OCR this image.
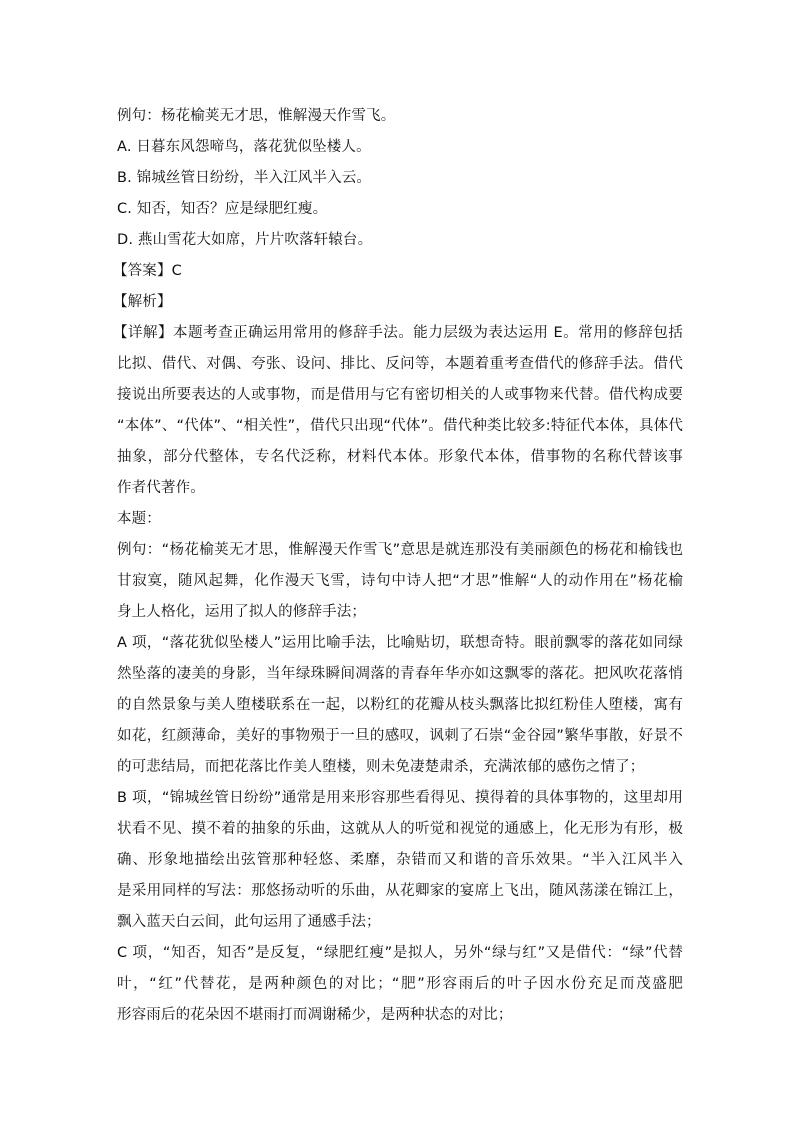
例句：杨花榆荚无才思，惟解漫天作雪飞。
A. 日暮东风怨啼鸟，落花犹似坠楼人。
B. 锦城丝管日纷纷，半入江风半入云。
C. 知否，知否？应是绿肥红瘦。
D. 燕山雪花大如席，片片吹落轩辕台。
【答案】C
【解析】
【详解】本题考查正确运用常用的修辞手法。能力层级为表达运用 E。常用的修辞包括
比拟、借代、对偶、夸张、设问、排比、反问等，本题着重考查借代的修辞手法。借代
接说出所要表达的人或事物，而是借用与它有密切相关的人或事物来代替。借代构成要
“本体”、“代体”、“相关性”，借代只出现“代体”。借代种类比较多:特征代本体，具体代
抽象，部分代整体，专名代泛称，材料代本体。形象代本体，借事物的名称代替该事
作者代著作。
本题：
例句：“杨花榆荚无才思，惟解漫天作雪飞”意思是就连那没有美丽颜色的杨花和榆钱也
甘寂寞，随风起舞，化作漫天飞雪，诗句中诗人把“才思”惟解“人的动作用在”杨花榆
身上人格化，运用了拟人的修辞手法；
A 项，“落花犹似坠楼人”运用比喻手法，比喻贴切，联想奇特。眼前飘零的落花如同绿
然坠落的凄美的身影，当年绿珠瞬间凋落的青春年华亦如这飘零的落花。把风吹花落悄
的自然景象与美人堕楼联系在一起，以粉红的花瓣从枝头飘落比拟红粉佳人堕楼，寓有
如花，红颜薄命，美好的事物殒于一旦的感叹，讽刺了石崇“金谷园”繁华事散，好景不
的可悲结局，而把花落比作美人堕楼，则未免凄楚肃杀，充满浓郁的感伤之情了；
B 项，“锦城丝管日纷纷”通常是用来形容那些看得见、摸得着的具体事物的，这里却用
状看不见、摸不着的抽象的乐曲，这就从人的听觉和视觉的通感上，化无形为有形，极
确、形象地描绘出弦管那种轻悠、柔靡，杂错而又和谐的音乐效果。“半入江风半入
是采用同样的写法：那悠扬动听的乐曲，从花卿家的宴席上飞出，随风荡漾在锦江上，
飘入蓝天白云间，此句运用了通感手法；
C 项，“知否，知否”是反复，“绿肥红瘦”是拟人，另外“绿与红”又是借代：“绿”代替
叶，“红”代替花，是两种颜色的对比；“肥”形容雨后的叶子因水份充足而茂盛肥
形容雨后的花朵因不堪雨打而凋谢稀少，是两种状态的对比；
